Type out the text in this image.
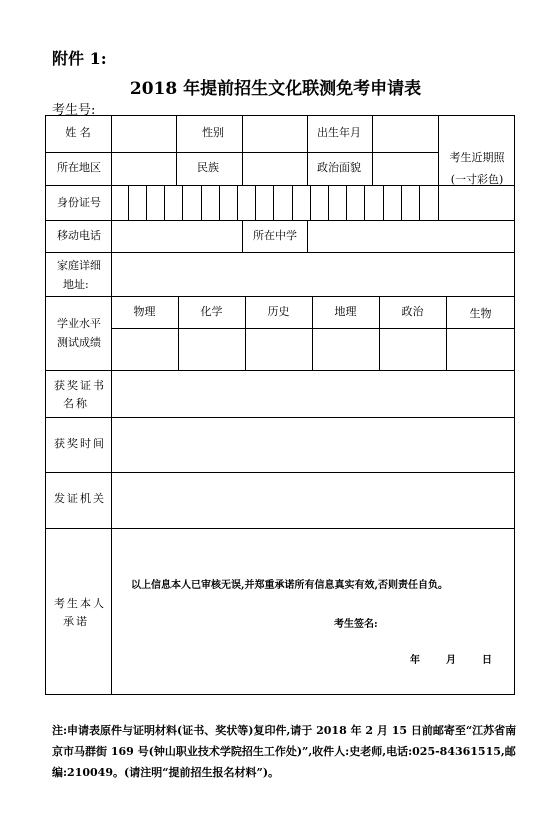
附件 1:
2018 年提前招生文化联测免考申请表
考生号:
姓 名	性别	出生年月
考生近期照
(一寸彩色)
所在地区	民族	政治面貌
身份证号
移动电话	所在中学
家庭详细
地址:
学业水平
测试成绩
物理	化学	历史	地理	政治	生物
获奖证书
名称
获奖时间
发证机关
考生本人
承诺
以上信息本人已审核无误,并郑重承诺所有信息真实有效,否则责任自负。
考生签名:
年	月	日
注:申请表原件与证明材料(证书、奖状等)复印件,请于 2018 年 2 月 15 日前邮寄至“江苏省南京市马群街 169 号(钟山职业技术学院招生工作处)”,收件人:史老师,电话:025-84361515,邮编:210049。(请注明“提前招生报名材料”)。
